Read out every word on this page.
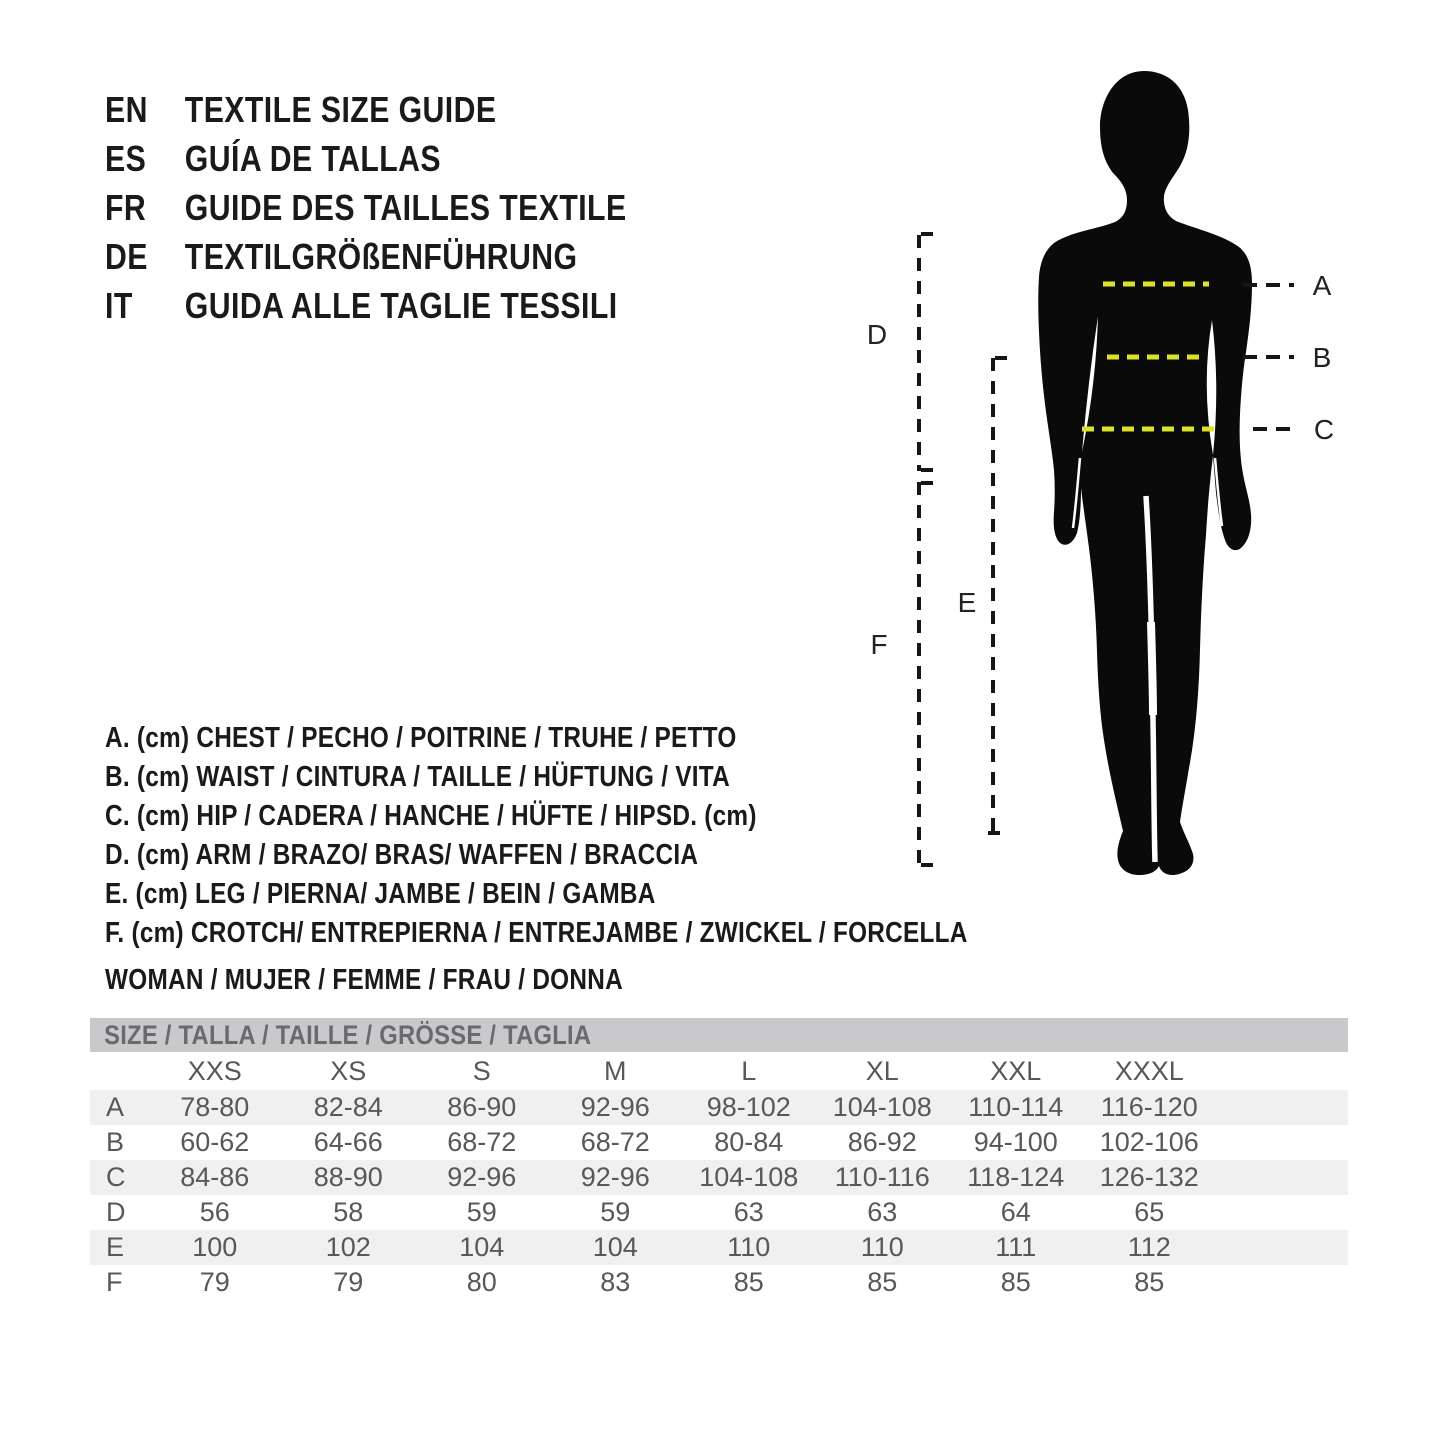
A
B
C
D
E
F
EN	TEXTILE SIZE GUIDE
ES	GUÍA DE TALLAS
FR	GUIDE DES TAILLES TEXTILE
DE	TEXTILGRÖßENFÜHRUNG
IT	GUIDA ALLE TAGLIE TESSILI
A. (cm) CHEST / PECHO / POITRINE / TRUHE / PETTO
B. (cm) WAIST / CINTURA / TAILLE / HÜFTUNG / VITA
C. (cm) HIP / CADERA / HANCHE / HÜFTE / HIPSD. (cm)
D. (cm) ARM / BRAZO/ BRAS/ WAFFEN / BRACCIA
E. (cm) LEG / PIERNA/ JAMBE / BEIN / GAMBA
F. (cm) CROTCH/ ENTREPIERNA / ENTREJAMBE / ZWICKEL / FORCELLA
WOMAN / MUJER / FEMME / FRAU / DONNA
SIZE / TALLA / TAILLE / GRÖSSE / TAGLIA
XXS	XS	S	M	L	XL	XXL	XXXL
A	78-80	82-84	86-90	92-96	98-102	104-108	110-114	116-120
B	60-62	64-66	68-72	68-72	80-84	86-92	94-100	102-106
C	84-86	88-90	92-96	92-96	104-108	110-116	118-124	126-132
D	56	58	59	59	63	63	64	65
E	100	102	104	104	110	110	111	112
F	79	79	80	83	85	85	85	85
